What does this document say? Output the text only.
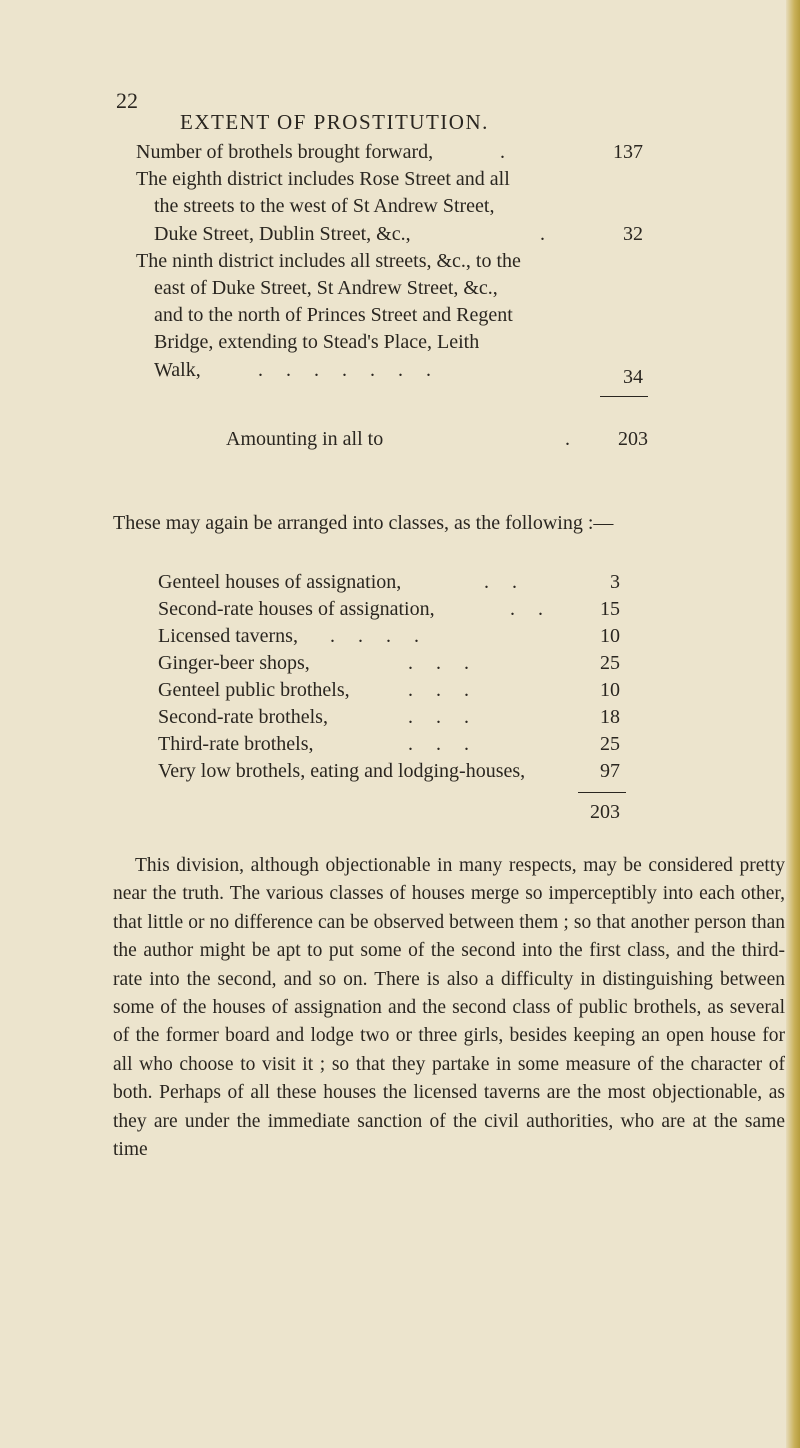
22
EXTENT OF PROSTITUTION.
Number of brothels brought forward,	.	137
The eighth district includes Rose Street and all
the streets to the west of St Andrew Street,
Duke Street, Dublin Street, &c.,	.	32
The ninth district includes all streets, &c., to the
east of Duke Street, St Andrew Street, &c.,
and to the north of Princes Street and Regent
Bridge, extending to Stead's Place, Leith
Walk,	. . . . . . .	34
Amounting in all to	.	203
These may again be arranged into classes, as the following :—
Genteel houses of assignation,	. .	3
Second-rate houses of assignation,	. .	15
Licensed taverns, . . . .	10
Ginger-beer shops,	. . .	25
Genteel public brothels,	. . .	10
Second-rate brothels,	. . .	18
Third-rate brothels,	. . .	25
Very low brothels, eating and lodging-houses,	97
203
This division, although objectionable in many respects, may be considered pretty near the truth. The various classes of houses merge so imperceptibly into each other, that little or no difference can be observed between them ; so that another person than the author might be apt to put some of the second into the first class, and the third-rate into the second, and so on. There is also a difficulty in distinguishing between some of the houses of assignation and the second class of public brothels, as several of the former board and lodge two or three girls, besides keeping an open house for all who choose to visit it ; so that they partake in some measure of the character of both. Perhaps of all these houses the licensed taverns are the most objectionable, as they are under the immediate sanction of the civil authorities, who are at the same time
